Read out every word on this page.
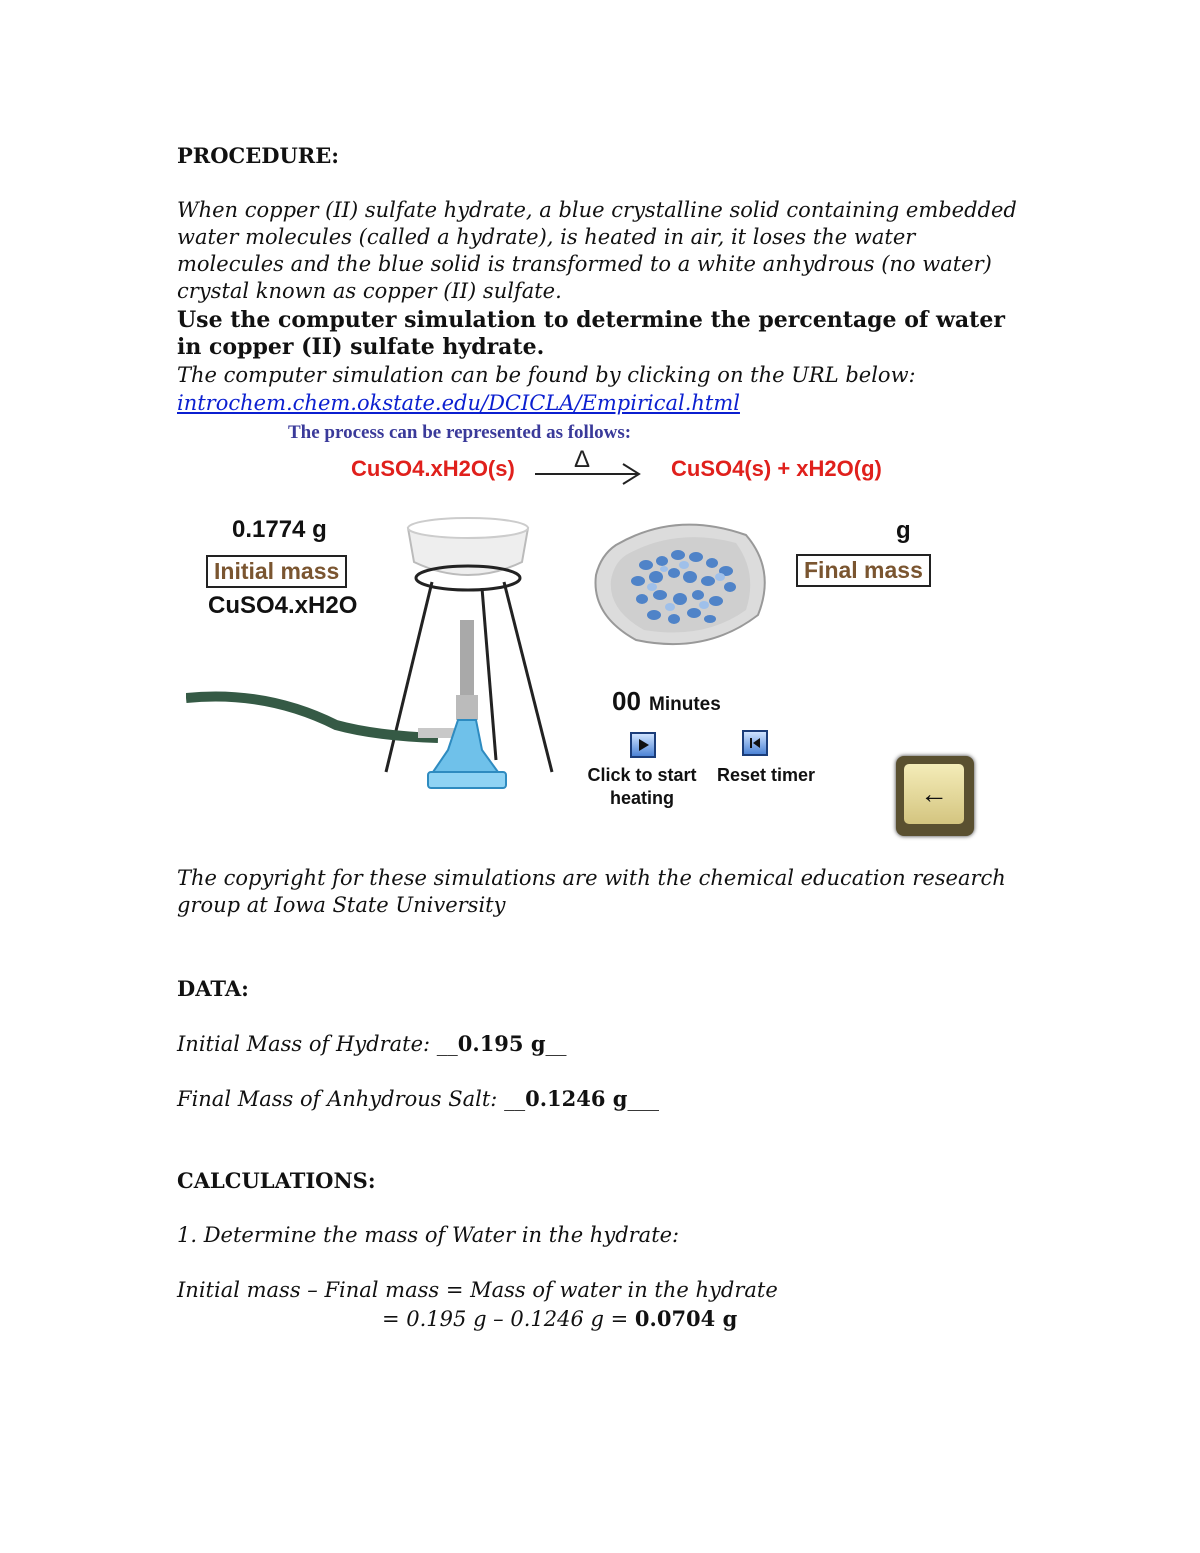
PROCEDURE:
When copper (II) sulfate hydrate, a blue crystalline solid containing embedded water molecules (called a hydrate), is heated in air, it loses the water molecules and the blue solid is transformed to a white anhydrous (no water) crystal known as copper (II) sulfate.
Use the computer simulation to determine the percentage of water in copper (II) sulfate hydrate.
The computer simulation can be found by clicking on the URL below:
introchem.chem.okstate.edu/DCICLA/Empirical.html
The copyright for these simulations are with the chemical education research group at Iowa State University
DATA:
Initial Mass of Hydrate: __0.195 g__
Final Mass of Anhydrous Salt: __0.1246 g___
CALCULATIONS:
1. Determine the mass of Water in the hydrate:
Initial mass – Final mass = Mass of water in the hydrate
= 0.195 g – 0.1246 g = 0.0704 g
The process can be represented as follows:
CuSO4.xH2O(s) Δ	CuSO4(s) + xH2O(g)
0.1774 g
Initial mass
CuSO4.xH2O
g
Final mass
00 Minutes
Click to start
heating
Reset timer
←
